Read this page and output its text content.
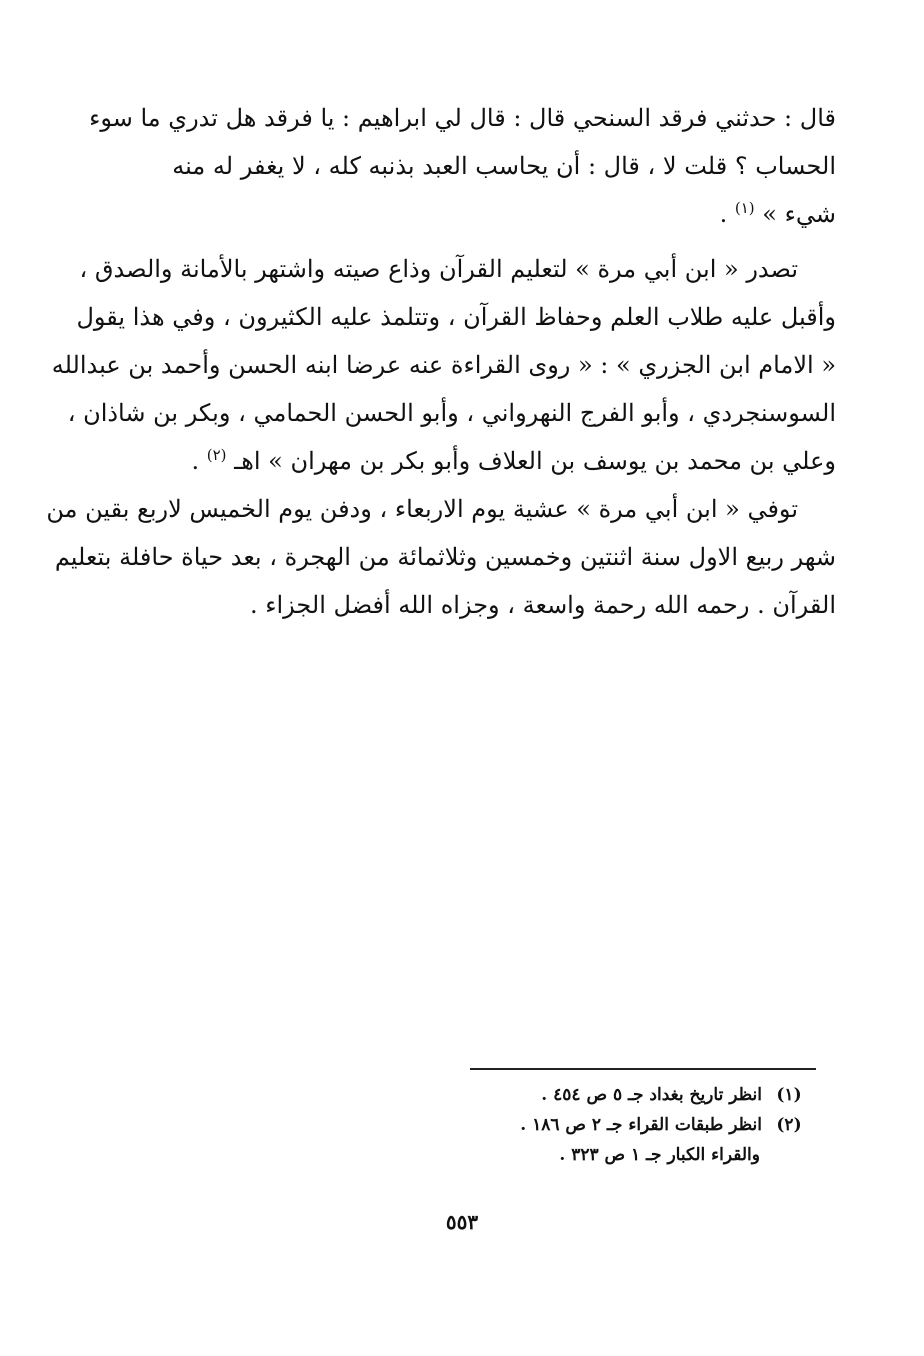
قال : حدثني فرقد السنحي قال : قال لي ابراهيم : يا فرقد هل تدري ما سوء
الحساب ؟ قلت لا ، قال : أن يحاسب العبد بذنبه كله ، لا يغفر له منه
شيء » $^{(١)}$ .

تصدر « ابن أبي مرة » لتعليم القرآن وذاع صيته واشتهر بالأمانة والصدق ،
وأقبل عليه طلاب العلم وحفاظ القرآن ، وتتلمذ عليه الكثيرون ، وفي هذا يقول
« الامام ابن الجزري » : « روى القراءة عنه عرضا ابنه الحسن وأحمد بن عبدالله
السوسنجردي ، وأبو الفرج النهرواني ، وأبو الحسن الحمامي ، وبكر بن شاذان ،
وعلي بن محمد بن يوسف بن العلاف وأبو بكر بن مهران » اهـ $^{(٢)}$ .

توفي « ابن أبي مرة » عشية يوم الاربعاء ، ودفن يوم الخميس لاربع بقين من
شهر ربيع الاول سنة اثنتين وخمسين وثلاثمائة من الهجرة ، بعد حياة حافلة بتعليم
القرآن . رحمه الله رحمة واسعة ، وجزاه الله أفضل الجزاء .

(١)
انظر تاريخ بغداد جـ ٥ ص ٤٥٤ .
(٢)
انظر طبقات القراء جـ ٢ ص ١٨٦ .
والقراء الكبار جـ ١ ص ٣٢٣ .
٥٥٣
